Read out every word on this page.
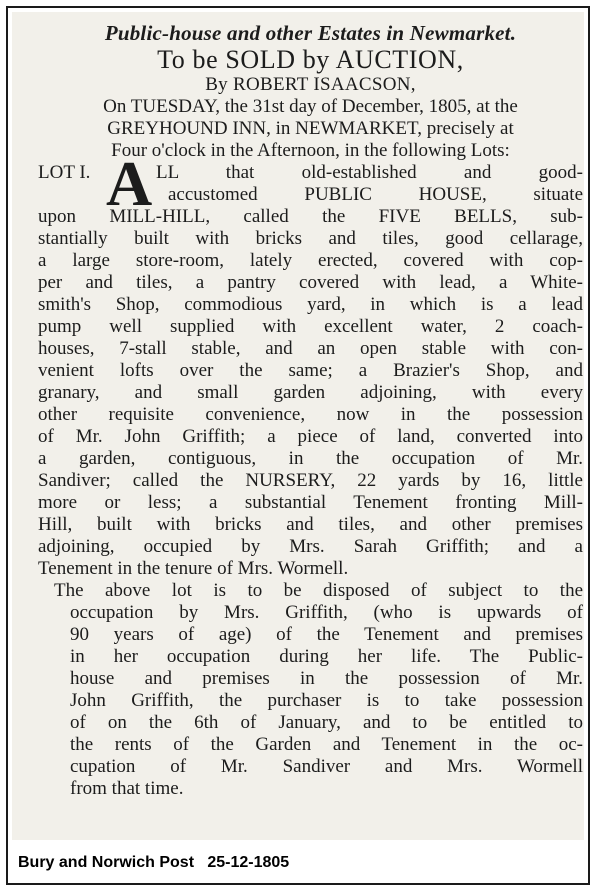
Public-house and other Estates in Newmarket.

To be SOLD by AUCTION,

By ROBERT ISAACSON,

On TUESDAY, the 31st day of December, 1805, at the

GREYHOUND INN, in NEWMARKET, precisely at

Four o'clock in the Afternoon, in the following Lots:

LOT I. A LL that old-established and good-
accustomed PUBLIC HOUSE, situate

upon MILL-HILL, called the FIVE BELLS, sub-

stantially built with bricks and tiles, good cellarage,

a large store-room, lately erected, covered with cop-

per and tiles, a pantry covered with lead, a White-

smith's Shop, commodious yard, in which is a lead

pump well supplied with excellent water, 2 coach-

houses, 7-stall stable, and an open stable with con-

venient lofts over the same; a Brazier's Shop, and

granary, and small garden adjoining, with every

other requisite convenience, now in the possession

of Mr. John Griffith; a piece of land, converted into

a garden, contiguous, in the occupation of Mr.

Sandiver; called the NURSERY, 22 yards by 16, little

more or less; a substantial Tenement fronting Mill-

Hill, built with bricks and tiles, and other premises

adjoining, occupied by Mrs. Sarah Griffith; and a

Tenement in the tenure of Mrs. Wormell.

The above lot is to be disposed of subject to the

occupation by Mrs. Griffith, (who is upwards of

90 years of age) of the Tenement and premises

in her occupation during her life. The Public-

house and premises in the possession of Mr.

John Griffith, the purchaser is to take possession

of on the 6th of January, and to be entitled to

the rents of the Garden and Tenement in the oc-

cupation of Mr. Sandiver and Mrs. Wormell

from that time.

Bury and Norwich Post   25-12-1805
